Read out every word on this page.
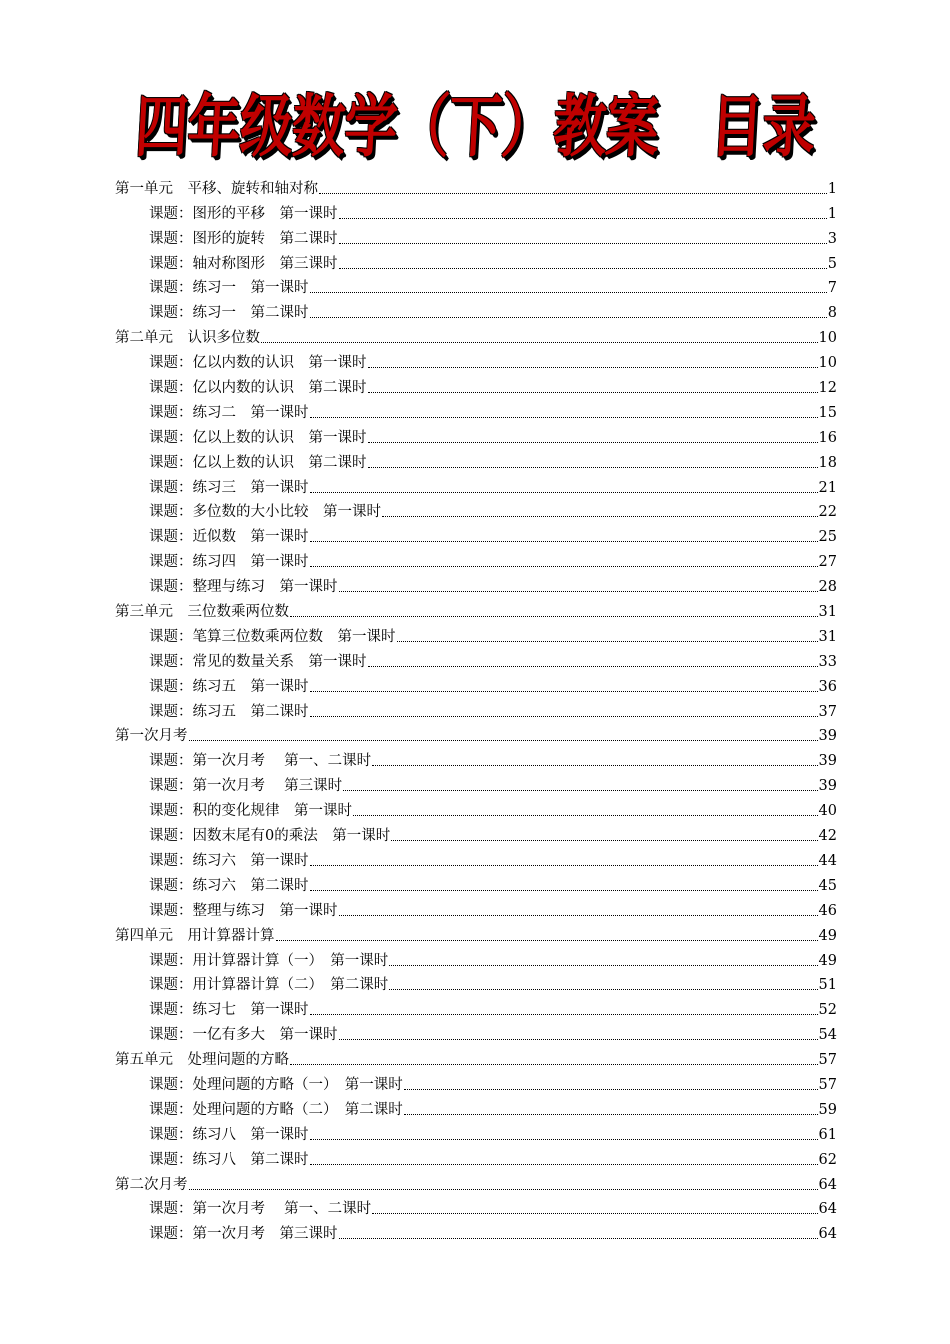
四年级数学（下）教案　目录
第一单元　平移、旋转和轴对称	1
课题：图形的平移　第一课时	1
课题：图形的旋转　第二课时	3
课题：轴对称图形　第三课时	5
课题：练习一　第一课时	7
课题：练习一　第二课时	8
第二单元　认识多位数	10
课题：亿以内数的认识　第一课时	10
课题：亿以内数的认识　第二课时	12
课题：练习二　第一课时	15
课题：亿以上数的认识　第一课时	16
课题：亿以上数的认识　第二课时	18
课题：练习三　第一课时	21
课题：多位数的大小比较　第一课时	22
课题：近似数　第一课时	25
课题：练习四　第一课时	27
课题：整理与练习　第一课时	28
第三单元　三位数乘两位数	31
课题：笔算三位数乘两位数　第一课时	31
课题：常见的数量关系　第一课时	33
课题：练习五　第一课时	36
课题：练习五　第二课时	37
第一次月考	39
课题：第一次月考　 第一、二课时	39
课题：第一次月考　 第三课时	39
课题：积的变化规律　第一课时	40
课题：因数末尾有0的乘法　第一课时	42
课题：练习六　第一课时	44
课题：练习六　第二课时	45
课题：整理与练习　第一课时	46
第四单元　用计算器计算	49
课题：用计算器计算（一）　第一课时	49
课题：用计算器计算（二）　第二课时	51
课题：练习七　第一课时	52
课题：一亿有多大　第一课时	54
第五单元　处理问题的方略	57
课题：处理问题的方略（一）　第一课时	57
课题：处理问题的方略（二）　第二课时	59
课题：练习八　第一课时	61
课题：练习八　第二课时	62
第二次月考	64
课题：第一次月考　 第一、二课时	64
课题：第一次月考　第三课时	64
